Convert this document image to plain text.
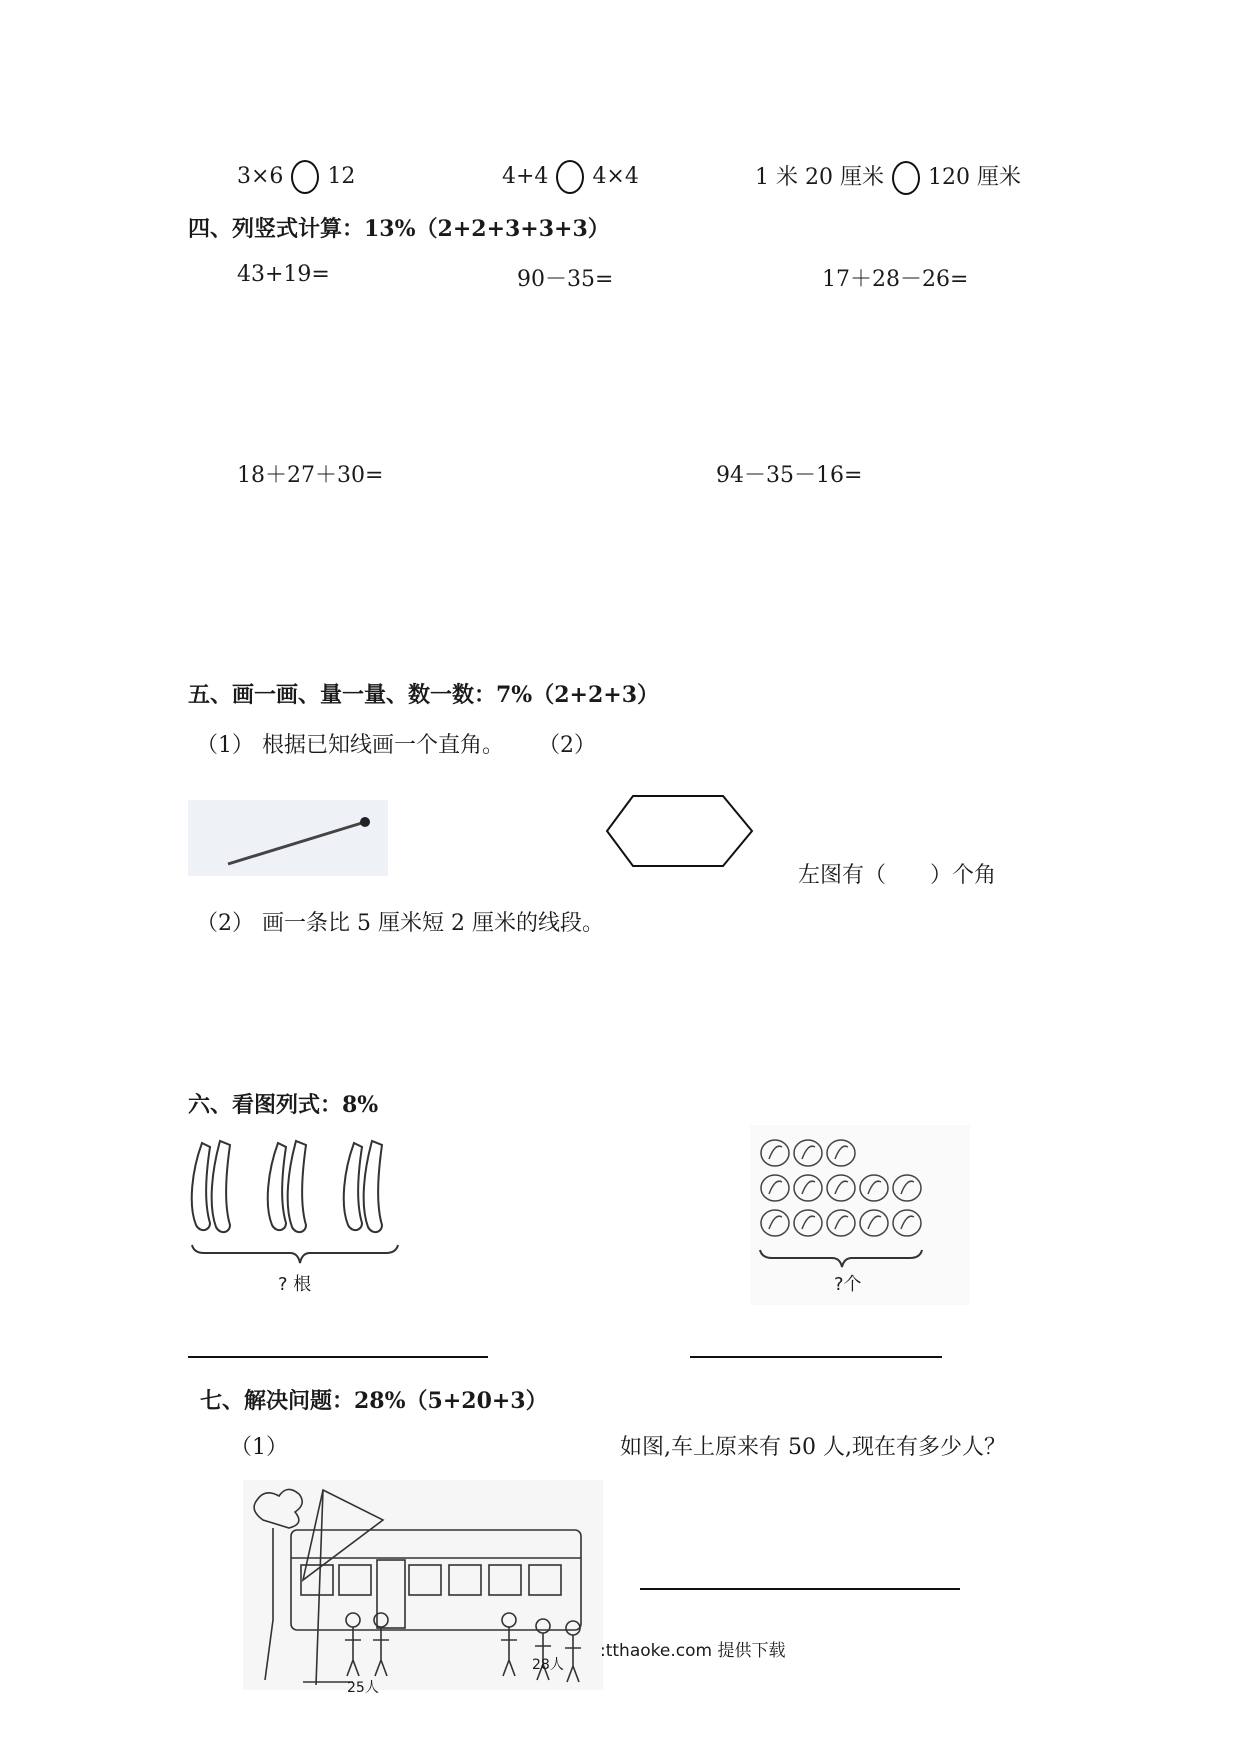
3×6 12	4+4 4×4	1 米 20 厘米 120 厘米
四、列竖式计算：13%（2+2+3+3+3）
43+19=	90－35=	17＋28－26=
18＋27＋30=	94－35－16=
五、画一画、量一量、数一数：7%（2+2+3）
（1） 根据已知线画一个直角。 （2）
左图有（　　）个角
（2） 画一条比 5 厘米短 2 厘米的线段。
六、看图列式：8%
? 根	?个
七、解决问题：28%（5+20+3）
（1）	如图,车上原来有 50 人,现在有多少人？
25人
28人
:tthaoke.com 提供下载
